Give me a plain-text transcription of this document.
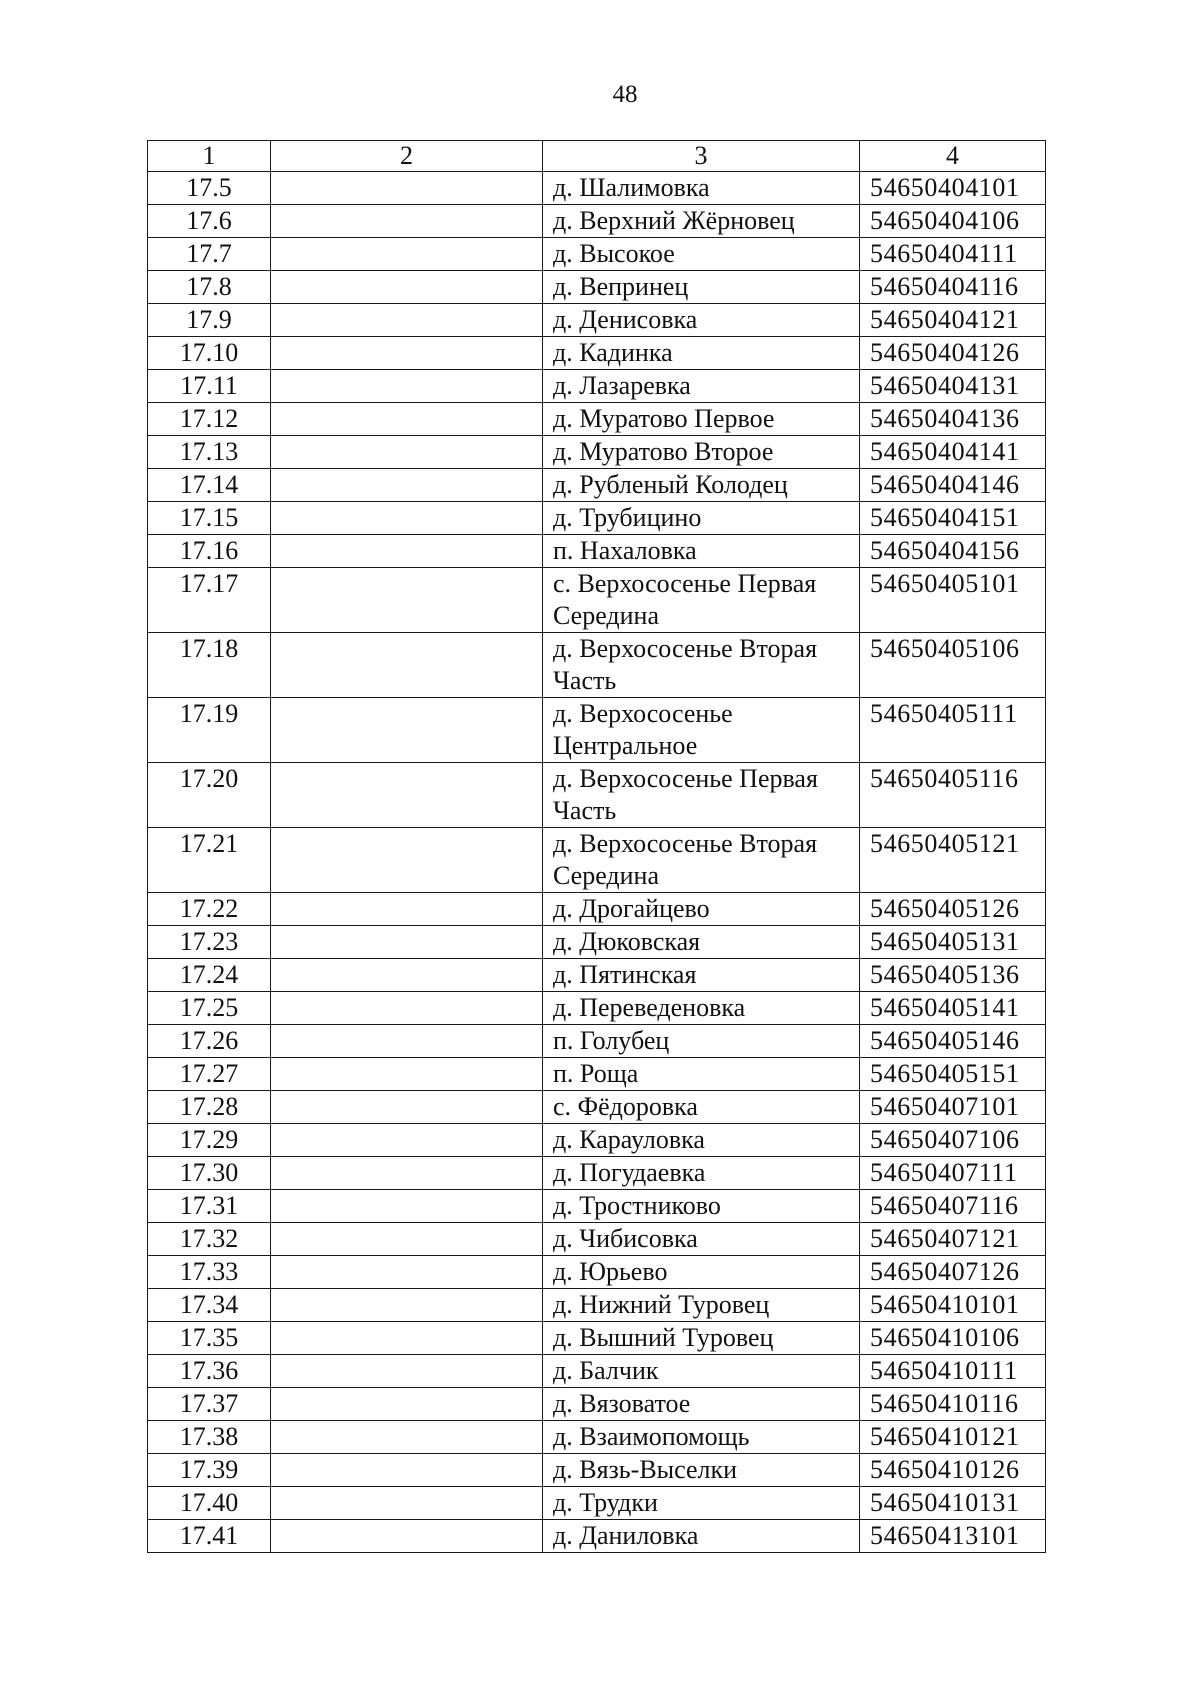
48
1	2	3	4
17.5		д. Шалимовка	54650404101
17.6		д. Верхний Жёрновец	54650404106
17.7		д. Высокое	54650404111
17.8		д. Вепринец	54650404116
17.9		д. Денисовка	54650404121
17.10		д. Кадинка	54650404126
17.11		д. Лазаревка	54650404131
17.12		д. Муратово Первое	54650404136
17.13		д. Муратово Второе	54650404141
17.14		д. Рубленый Колодец	54650404146
17.15		д. Трубицино	54650404151
17.16		п. Нахаловка	54650404156
17.17		с. Верхососенье Первая Середина	54650405101
17.18		д. Верхососенье Вторая Часть	54650405106
17.19		д. Верхососенье Центральное	54650405111
17.20		д. Верхососенье Первая Часть	54650405116
17.21		д. Верхососенье Вторая Середина	54650405121
17.22		д. Дрогайцево	54650405126
17.23		д. Дюковская	54650405131
17.24		д. Пятинская	54650405136
17.25		д. Переведеновка	54650405141
17.26		п. Голубец	54650405146
17.27		п. Роща	54650405151
17.28		с. Фёдоровка	54650407101
17.29		д. Карауловка	54650407106
17.30		д. Погудаевка	54650407111
17.31		д. Тростниково	54650407116
17.32		д. Чибисовка	54650407121
17.33		д. Юрьево	54650407126
17.34		д. Нижний Туровец	54650410101
17.35		д. Вышний Туровец	54650410106
17.36		д. Балчик	54650410111
17.37		д. Вязоватое	54650410116
17.38		д. Взаимопомощь	54650410121
17.39		д. Вязь-Выселки	54650410126
17.40		д. Трудки	54650410131
17.41		д. Даниловка	54650413101
